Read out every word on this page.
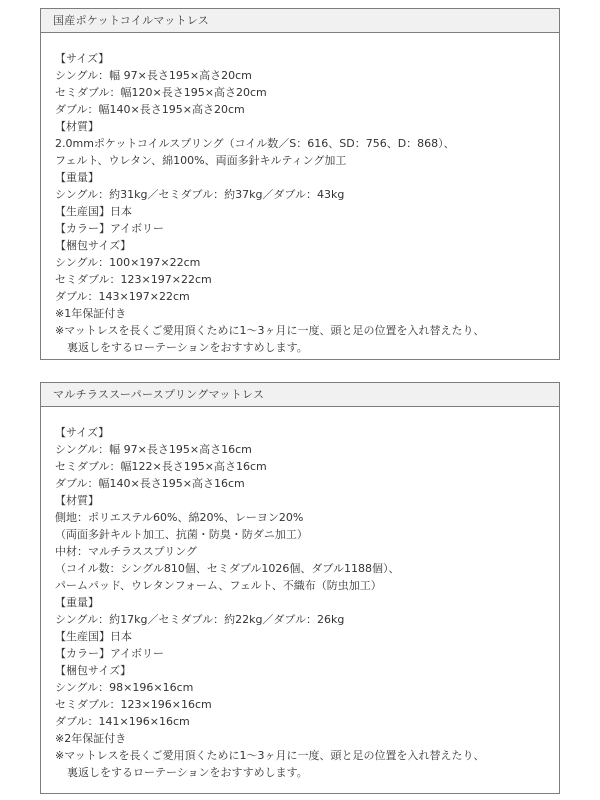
国産ポケットコイルマットレス
【サイズ】
シングル：幅 97×長さ195×高さ20cm
セミダブル：幅120×長さ195×高さ20cm
ダブル：幅140×長さ195×高さ20cm
【材質】
2.0mmポケットコイルスプリング（コイル数／S：616、SD：756、D：868）、
フェルト、ウレタン、綿100%、両面多針キルティング加工
【重量】
シングル：約31kg／セミダブル：約37kg／ダブル：43kg
【生産国】日本
【カラー】アイボリー
【梱包サイズ】
シングル：100×197×22cm
セミダブル：123×197×22cm
ダブル：143×197×22cm
※1年保証付き
※マットレスを長くご愛用頂くために1～3ヶ月に一度、頭と足の位置を入れ替えたり、
裏返しをするローテーションをおすすめします。
マルチラススーパースプリングマットレス
【サイズ】
シングル：幅 97×長さ195×高さ16cm
セミダブル：幅122×長さ195×高さ16cm
ダブル：幅140×長さ195×高さ16cm
【材質】
側地：ポリエステル60%、綿20%、レーヨン20%
（両面多針キルト加工、抗菌・防臭・防ダニ加工）
中材：マルチラススプリング
（コイル数：シングル810個、セミダブル1026個、ダブル1188個）、
パームパッド、ウレタンフォーム、フェルト、不織布（防虫加工）
【重量】
シングル：約17kg／セミダブル：約22kg／ダブル：26kg
【生産国】日本
【カラー】アイボリー
【梱包サイズ】
シングル：98×196×16cm
セミダブル：123×196×16cm
ダブル：141×196×16cm
※2年保証付き
※マットレスを長くご愛用頂くために1～3ヶ月に一度、頭と足の位置を入れ替えたり、
裏返しをするローテーションをおすすめします。
